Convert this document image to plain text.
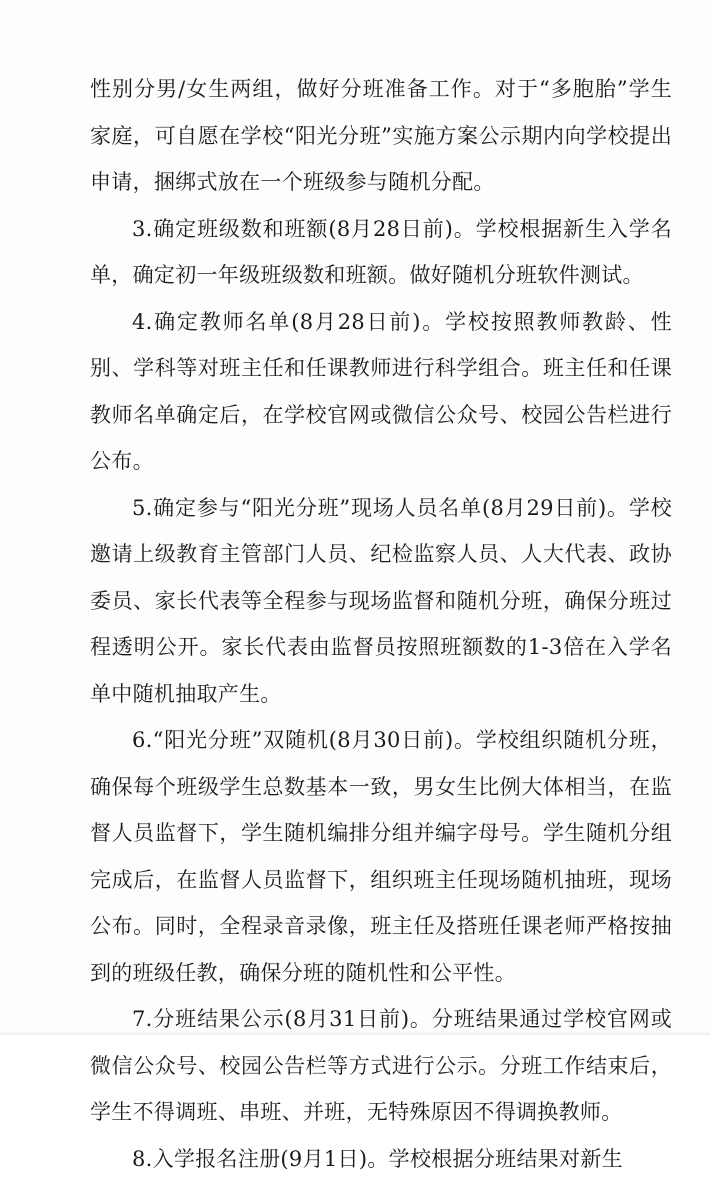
性别分男/女生两组，做好分班准备工作。对于“多胞胎”学生家庭，可自愿在学校“阳光分班”实施方案公示期内向学校提出申请，捆绑式放在一个班级参与随机分配。

3.确定班级数和班额(8月28日前)。学校根据新生入学名单，确定初一年级班级数和班额。做好随机分班软件测试。

4.确定教师名单(8月28日前)。学校按照教师教龄、性别、学科等对班主任和任课教师进行科学组合。班主任和任课教师名单确定后，在学校官网或微信公众号、校园公告栏进行公布。

5.确定参与“阳光分班”现场人员名单(8月29日前)。学校邀请上级教育主管部门人员、纪检监察人员、人大代表、政协委员、家长代表等全程参与现场监督和随机分班，确保分班过程透明公开。家长代表由监督员按照班额数的1-3倍在入学名单中随机抽取产生。

6.“阳光分班”双随机(8月30日前)。学校组织随机分班，确保每个班级学生总数基本一致，男女生比例大体相当，在监督人员监督下，学生随机编排分组并编字母号。学生随机分组完成后，在监督人员监督下，组织班主任现场随机抽班，现场公布。同时，全程录音录像，班主任及搭班任课老师严格按抽到的班级任教，确保分班的随机性和公平性。

7.分班结果公示(8月31日前)。分班结果通过学校官网或微信公众号、校园公告栏等方式进行公示。分班工作结束后，学生不得调班、串班、并班，无特殊原因不得调换教师。

8.入学报名注册(9月1日)。学校根据分班结果对新生
